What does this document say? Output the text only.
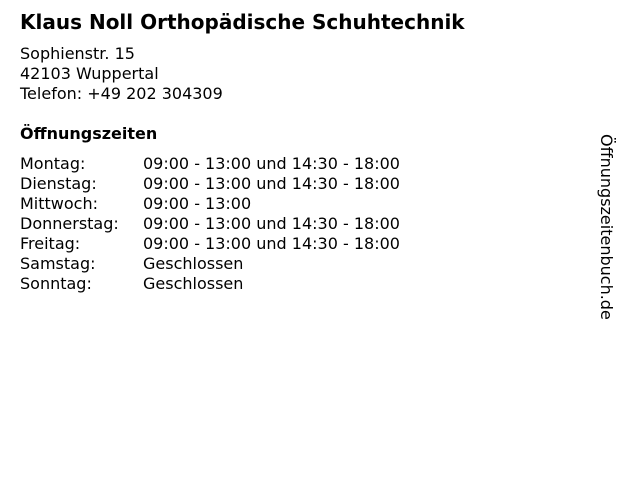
Klaus Noll Orthopädische Schuhtechnik
Sophienstr. 15
42103 Wuppertal
Telefon: +49 202 304309
Öffnungszeiten
Montag:	09:00 - 13:00 und 14:30 - 18:00
Dienstag:	09:00 - 13:00 und 14:30 - 18:00
Mittwoch:	09:00 - 13:00
Donnerstag:	09:00 - 13:00 und 14:30 - 18:00
Freitag:	09:00 - 13:00 und 14:30 - 18:00
Samstag:	Geschlossen
Sonntag:	Geschlossen	Öffnungszeitenbuch.de
